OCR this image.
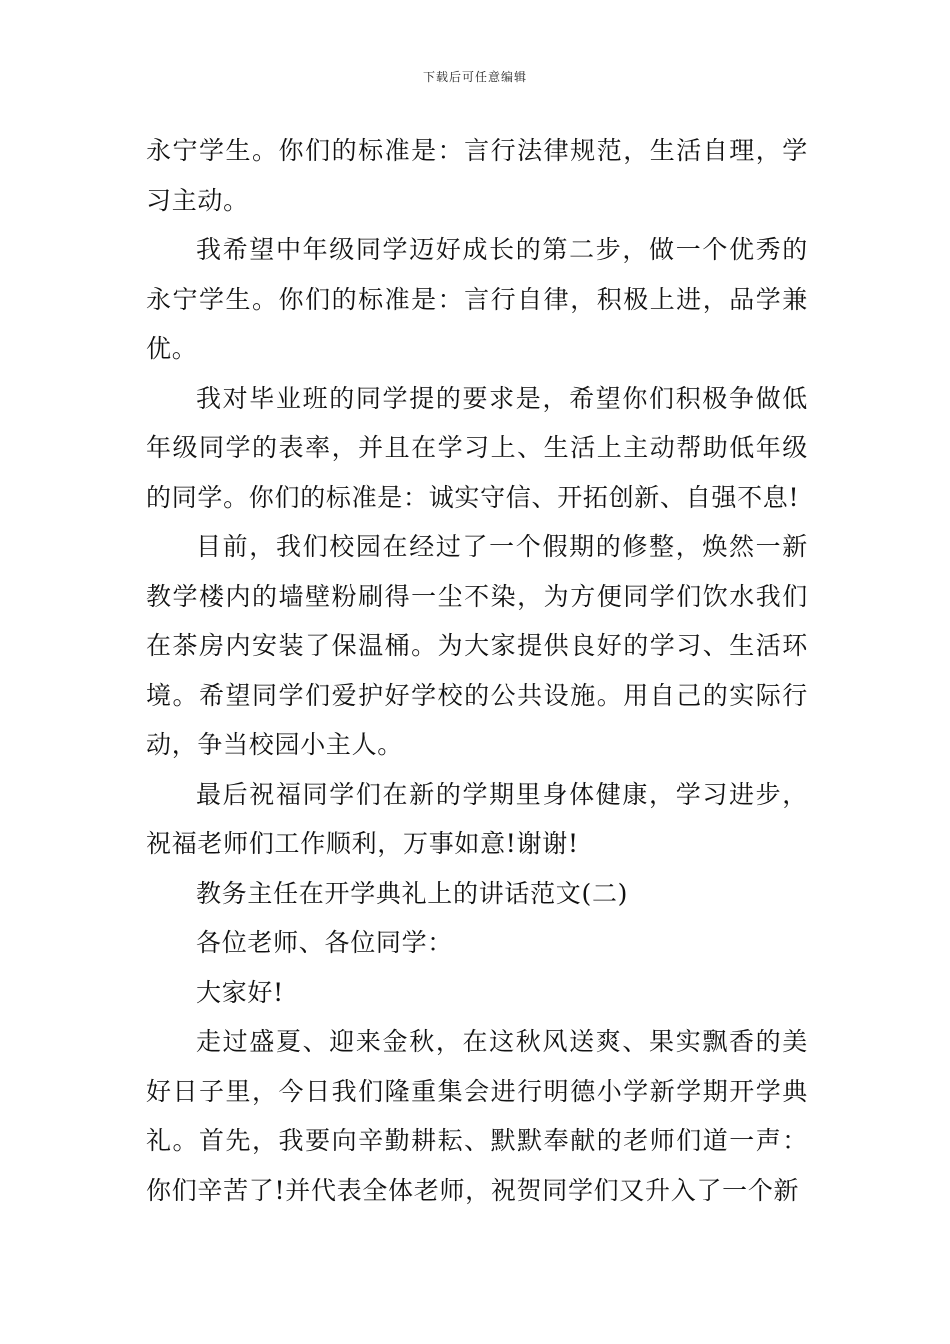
下载后可任意编辑

永宁学生。你们的标准是：言行法律规范，生活自理，学习主动。

我希望中年级同学迈好成长的第二步，做一个优秀的永宁学生。你们的标准是：言行自律，积极上进，品学兼优。

我对毕业班的同学提的要求是，希望你们积极争做低年级同学的表率，并且在学习上、生活上主动帮助低年级的同学。你们的标准是：诚实守信、开拓创新、自强不息!

目前，我们校园在经过了一个假期的修整，焕然一新教学楼内的墙壁粉刷得一尘不染，为方便同学们饮水我们在茶房内安装了保温桶。为大家提供良好的学习、生活环境。希望同学们爱护好学校的公共设施。用自己的实际行动，争当校园小主人。

最后祝福同学们在新的学期里身体健康，学习进步，祝福老师们工作顺利，万事如意!谢谢!

教务主任在开学典礼上的讲话范文(二)

各位老师、各位同学：

大家好!

走过盛夏、迎来金秋，在这秋风送爽、果实飘香的美好日子里，今日我们隆重集会进行明德小学新学期开学典礼。首先，我要向辛勤耕耘、默默奉献的老师们道一声：你们辛苦了!并代表全体老师，祝贺同学们又升入了一个新
